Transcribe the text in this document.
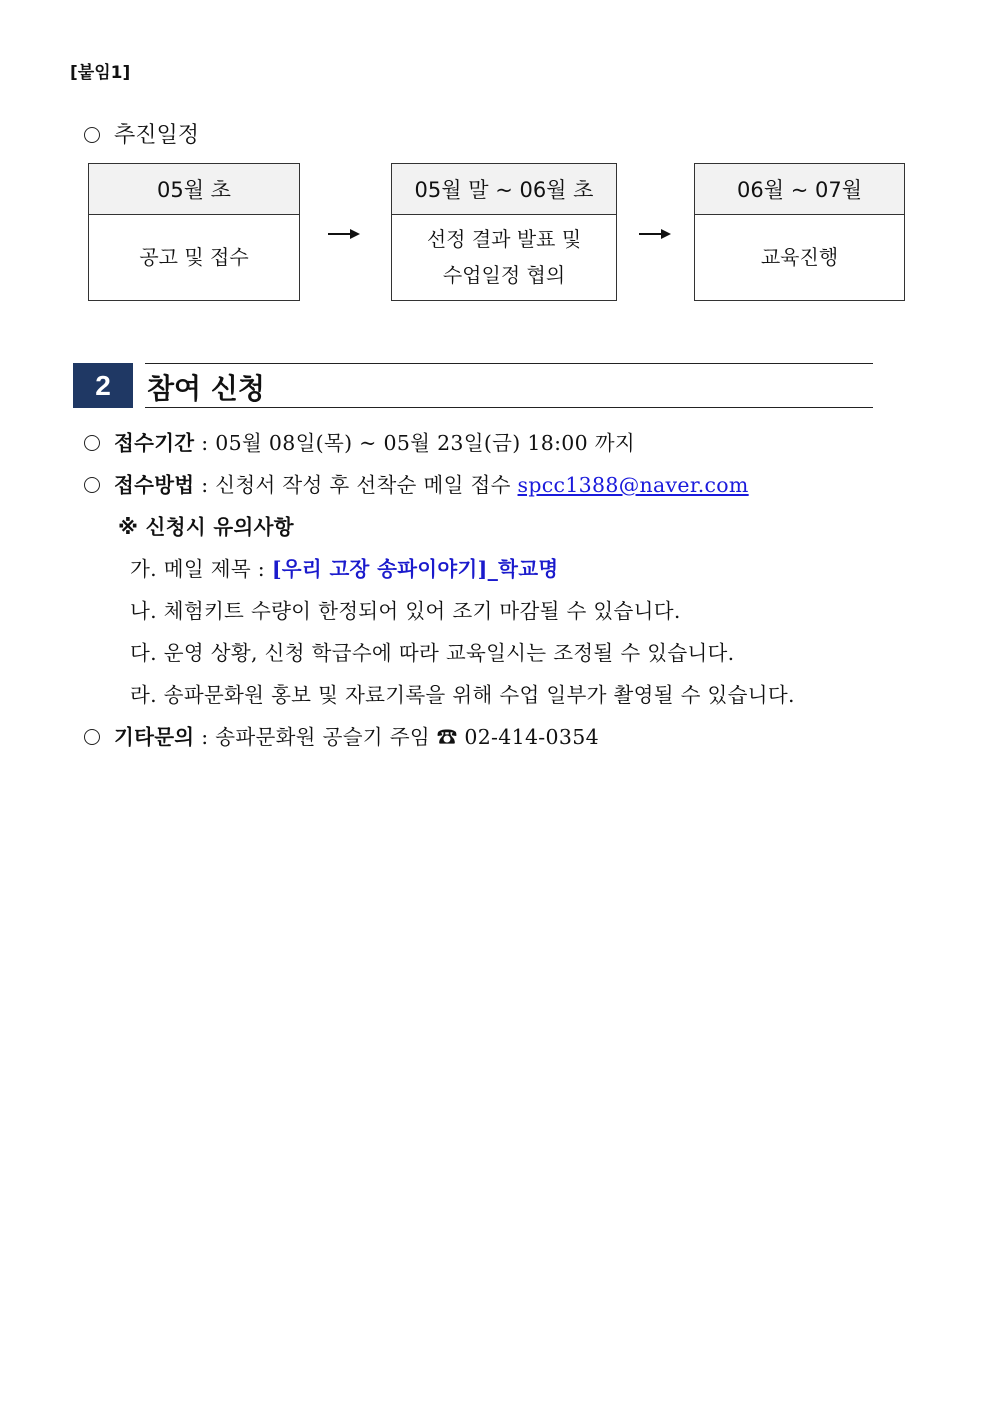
[붙임1]
추진일정
05월 초
공고 및 접수
05월 말 ~ 06월 초
선정 결과 발표 및
수업일정 협의
06월 ~ 07월
교육진행
2	참여 신청
접수기간 : 05월 08일(목) ~ 05월 23일(금) 18:00 까지
접수방법 : 신청서 작성 후 선착순 메일 접수 spcc1388@naver.com
※ 신청시 유의사항
가. 메일 제목 : [우리 고장 송파이야기]_학교명
나. 체험키트 수량이 한정되어 있어 조기 마감될 수 있습니다.
다. 운영 상황, 신청 학급수에 따라 교육일시는 조정될 수 있습니다.
라. 송파문화원 홍보 및 자료기록을 위해 수업 일부가 촬영될 수 있습니다.
기타문의 : 송파문화원 공슬기 주임 ☎ 02-414-0354
